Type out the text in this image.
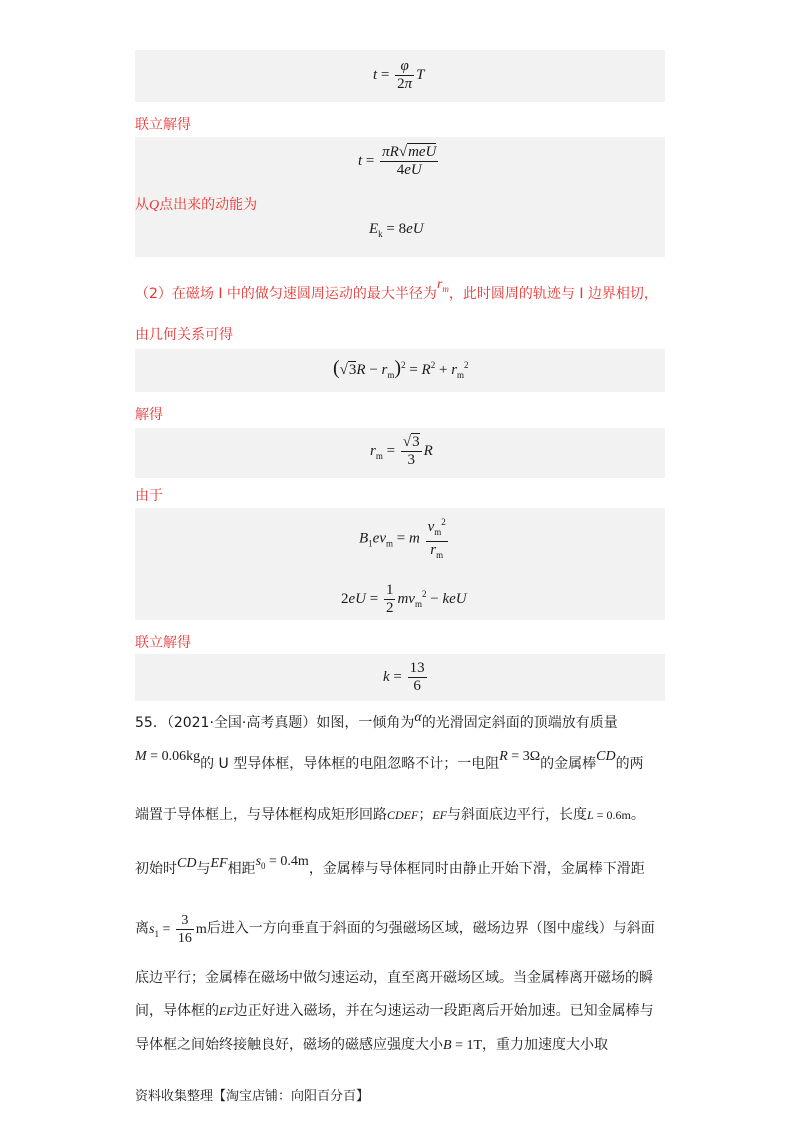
$t = \frac{\varphi}{2\pi}$ T
联立解得
$t = \frac{\text{πR√meU}}{4eU}$
从Q点出来的动能为
$E_k = 8eU$
（2）在磁场 I 中的做匀速圆周运动的最大半径为$r_m$，此时圆周的轨迹与 I 边界相切，
由几何关系可得
$(√3R - r_m)^2 = R^2 + r_m^2$
解得
$r_m = \frac{√3}{3}$ R
由于
$B_1ev_m = m \frac{v_m^2}{r_m}$
$2eU = \frac{1}{2} mv_m^2$ − keU
联立解得
$k = \frac{13}{6}$
55．（2021·全国·高考真题）如图，一倾角为α的光滑固定斜面的顶端放有质量
M = 0.06kg的 U 型导体框，导体框的电阻忽略不计；一电阻R = 3Ω的金属棒CD的两
端置于导体框上，与导体框构成矩形回路CDEF；EF与斜面底边平行，长度L = 0.6m。
初始时CD与EF相距$s_0 = 0.4m$，金属棒与导体框同时由静止开始下滑，金属棒下滑距
离$s_1 = \frac{3}{16}$ m后进入一方向垂直于斜面的匀强磁场区域，磁场边界（图中虚线）与斜面
底边平行；金属棒在磁场中做匀速运动，直至离开磁场区域。当金属棒离开磁场的瞬
间，导体框的EF边正好进入磁场，并在匀速运动一段距离后开始加速。已知金属棒与
导体框之间始终接触良好，磁场的磁感应强度大小B = 1T，重力加速度大小取
资料收集整理【淘宝店铺：向阳百分百】
